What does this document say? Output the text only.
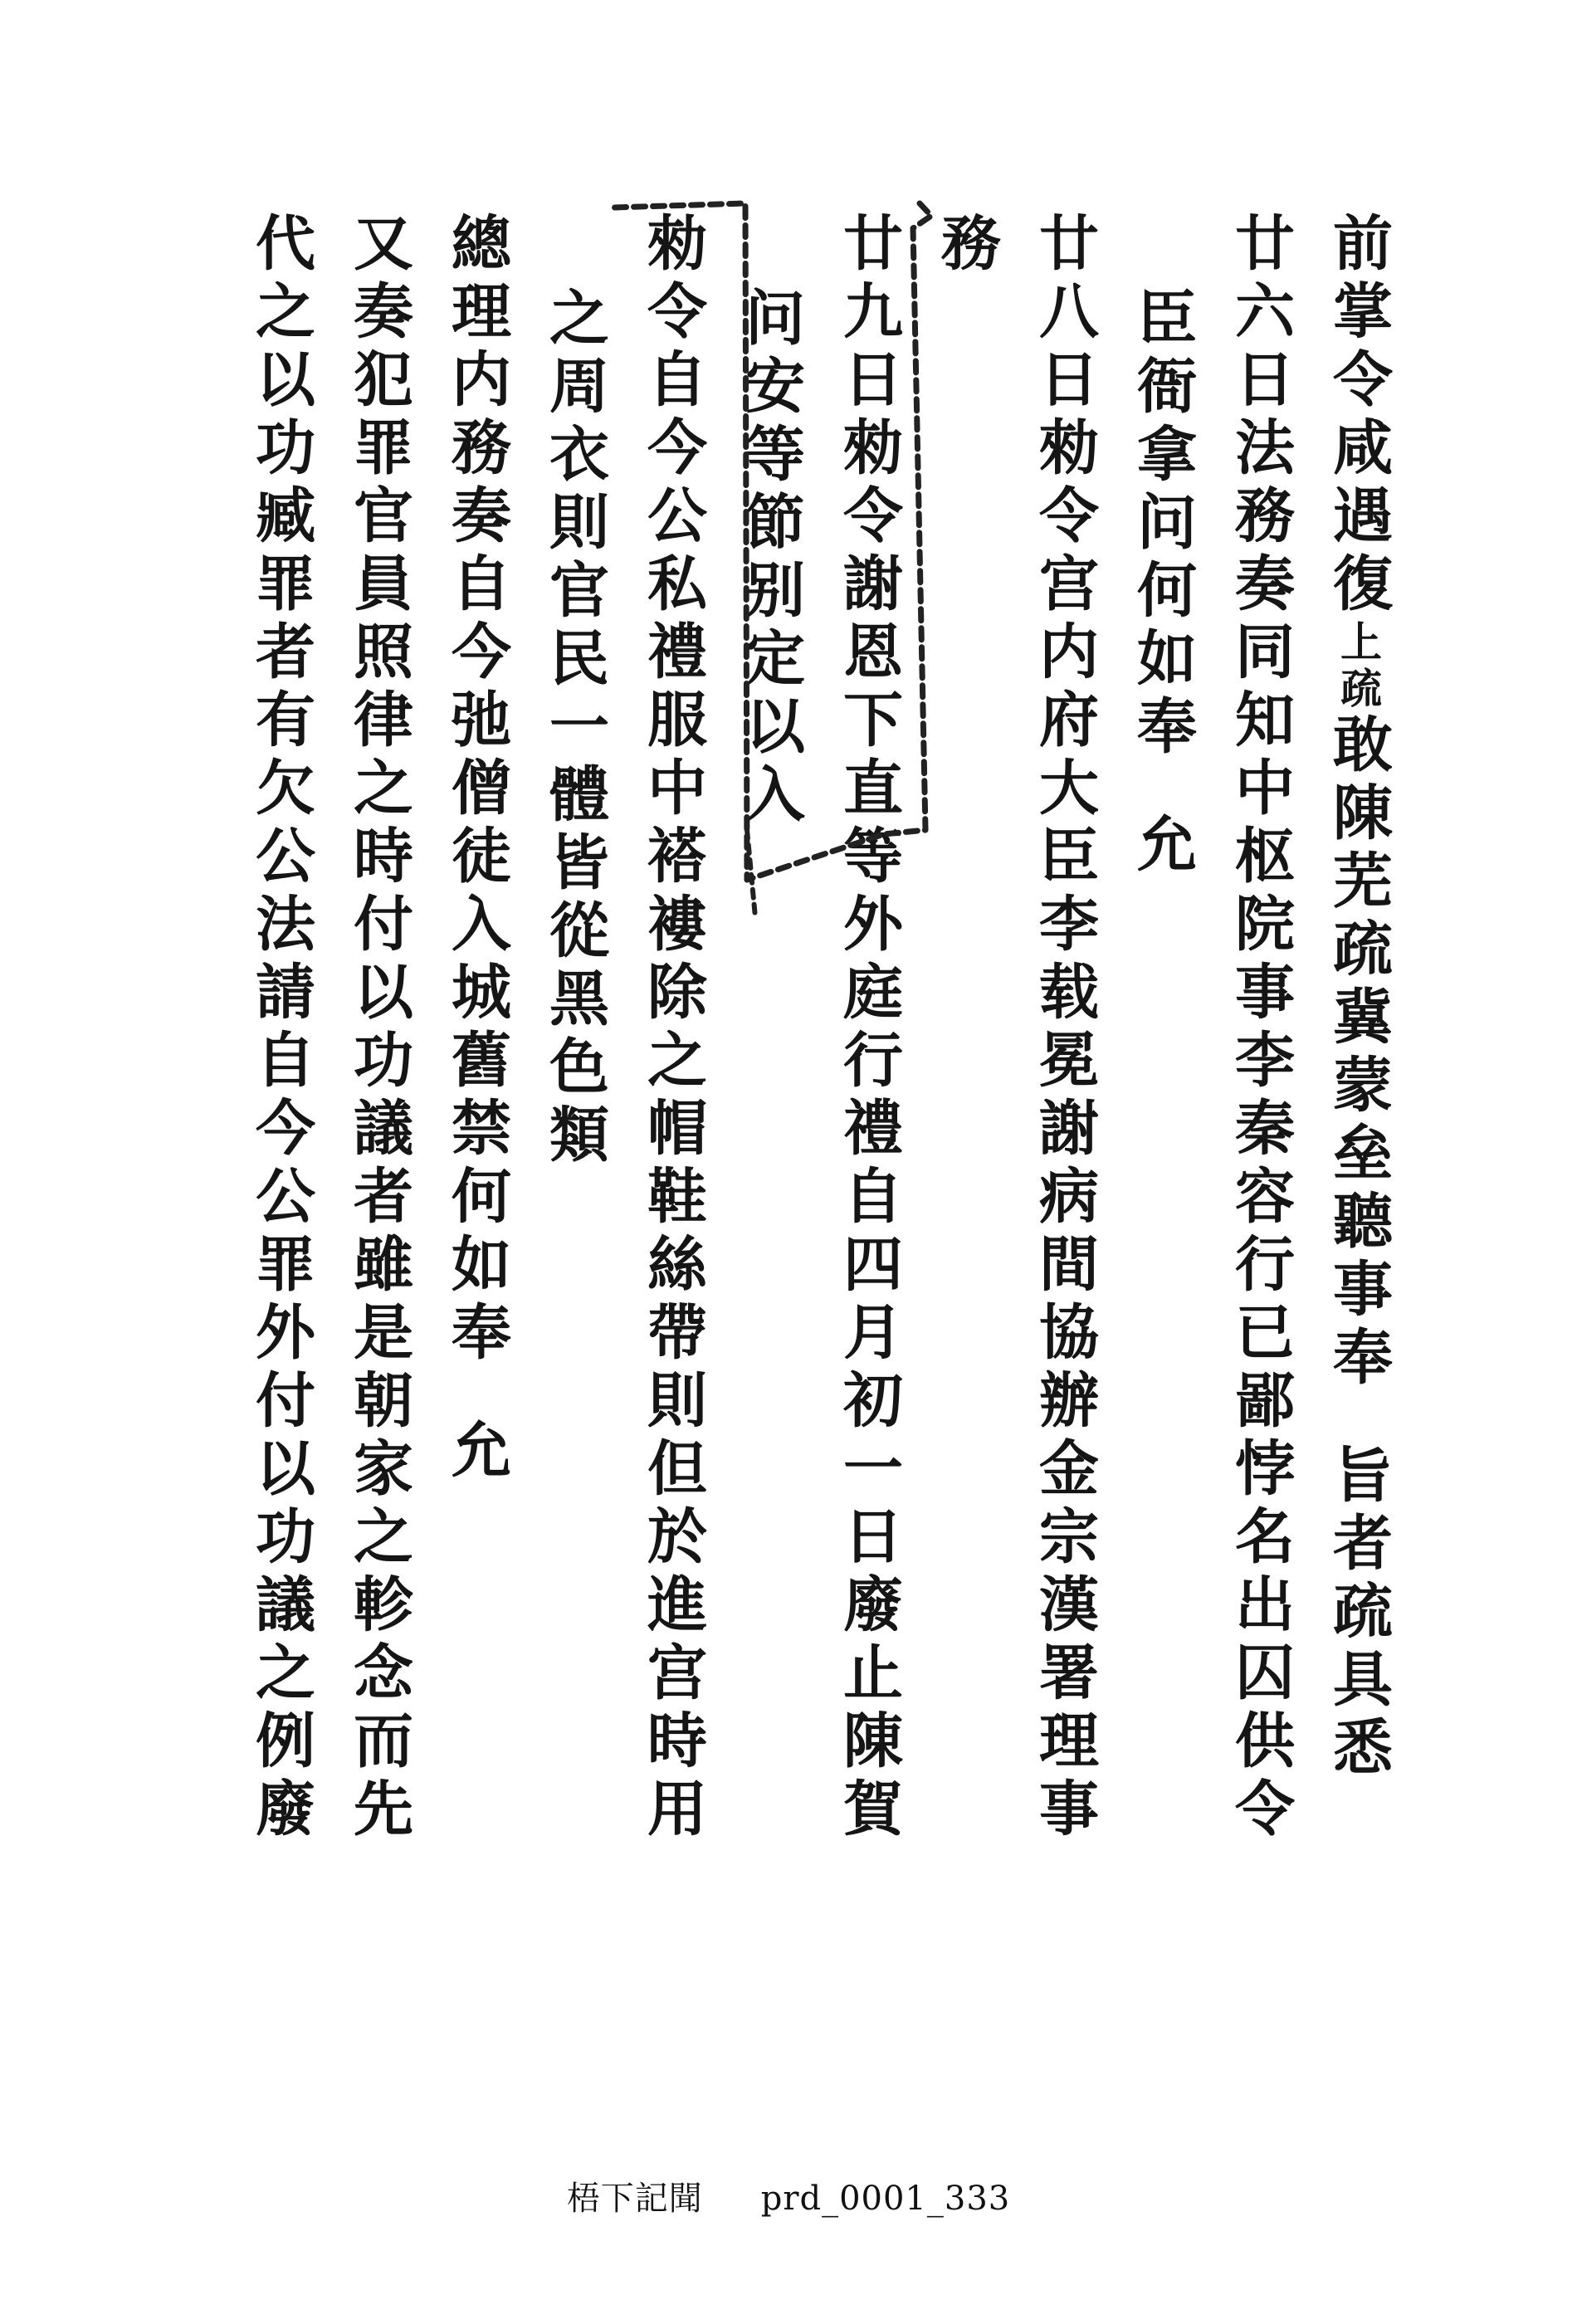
前掌令咸遇復上疏敢陳芜疏冀蒙垒聽事奉旨者疏具悉
廿六日法務奏同知中枢院事李秦容行已鄙悖名出囚供令
臣衙拿问何如奉允
廿八日勑令宫内府大臣李载冕謝病間協辦金宗漢署理事
務
廿九日勑令謝恩下直等外庭行禮自四月初一日廢止陳賀
问安等節别定以入
勑令自今公私禮服中褡褸除之帽鞋絲帶則但於進宫時用
之周衣則官民一體皆從黑色類
總理内務奏自今弛僧徒入城舊禁何如奉允
又奏犯罪官員照律之時付以功議者雖是朝家之軫念而先
代之以功臧罪者有欠公法請自今公罪外付以功議之例廢
梧下記聞 prd_0001_333
